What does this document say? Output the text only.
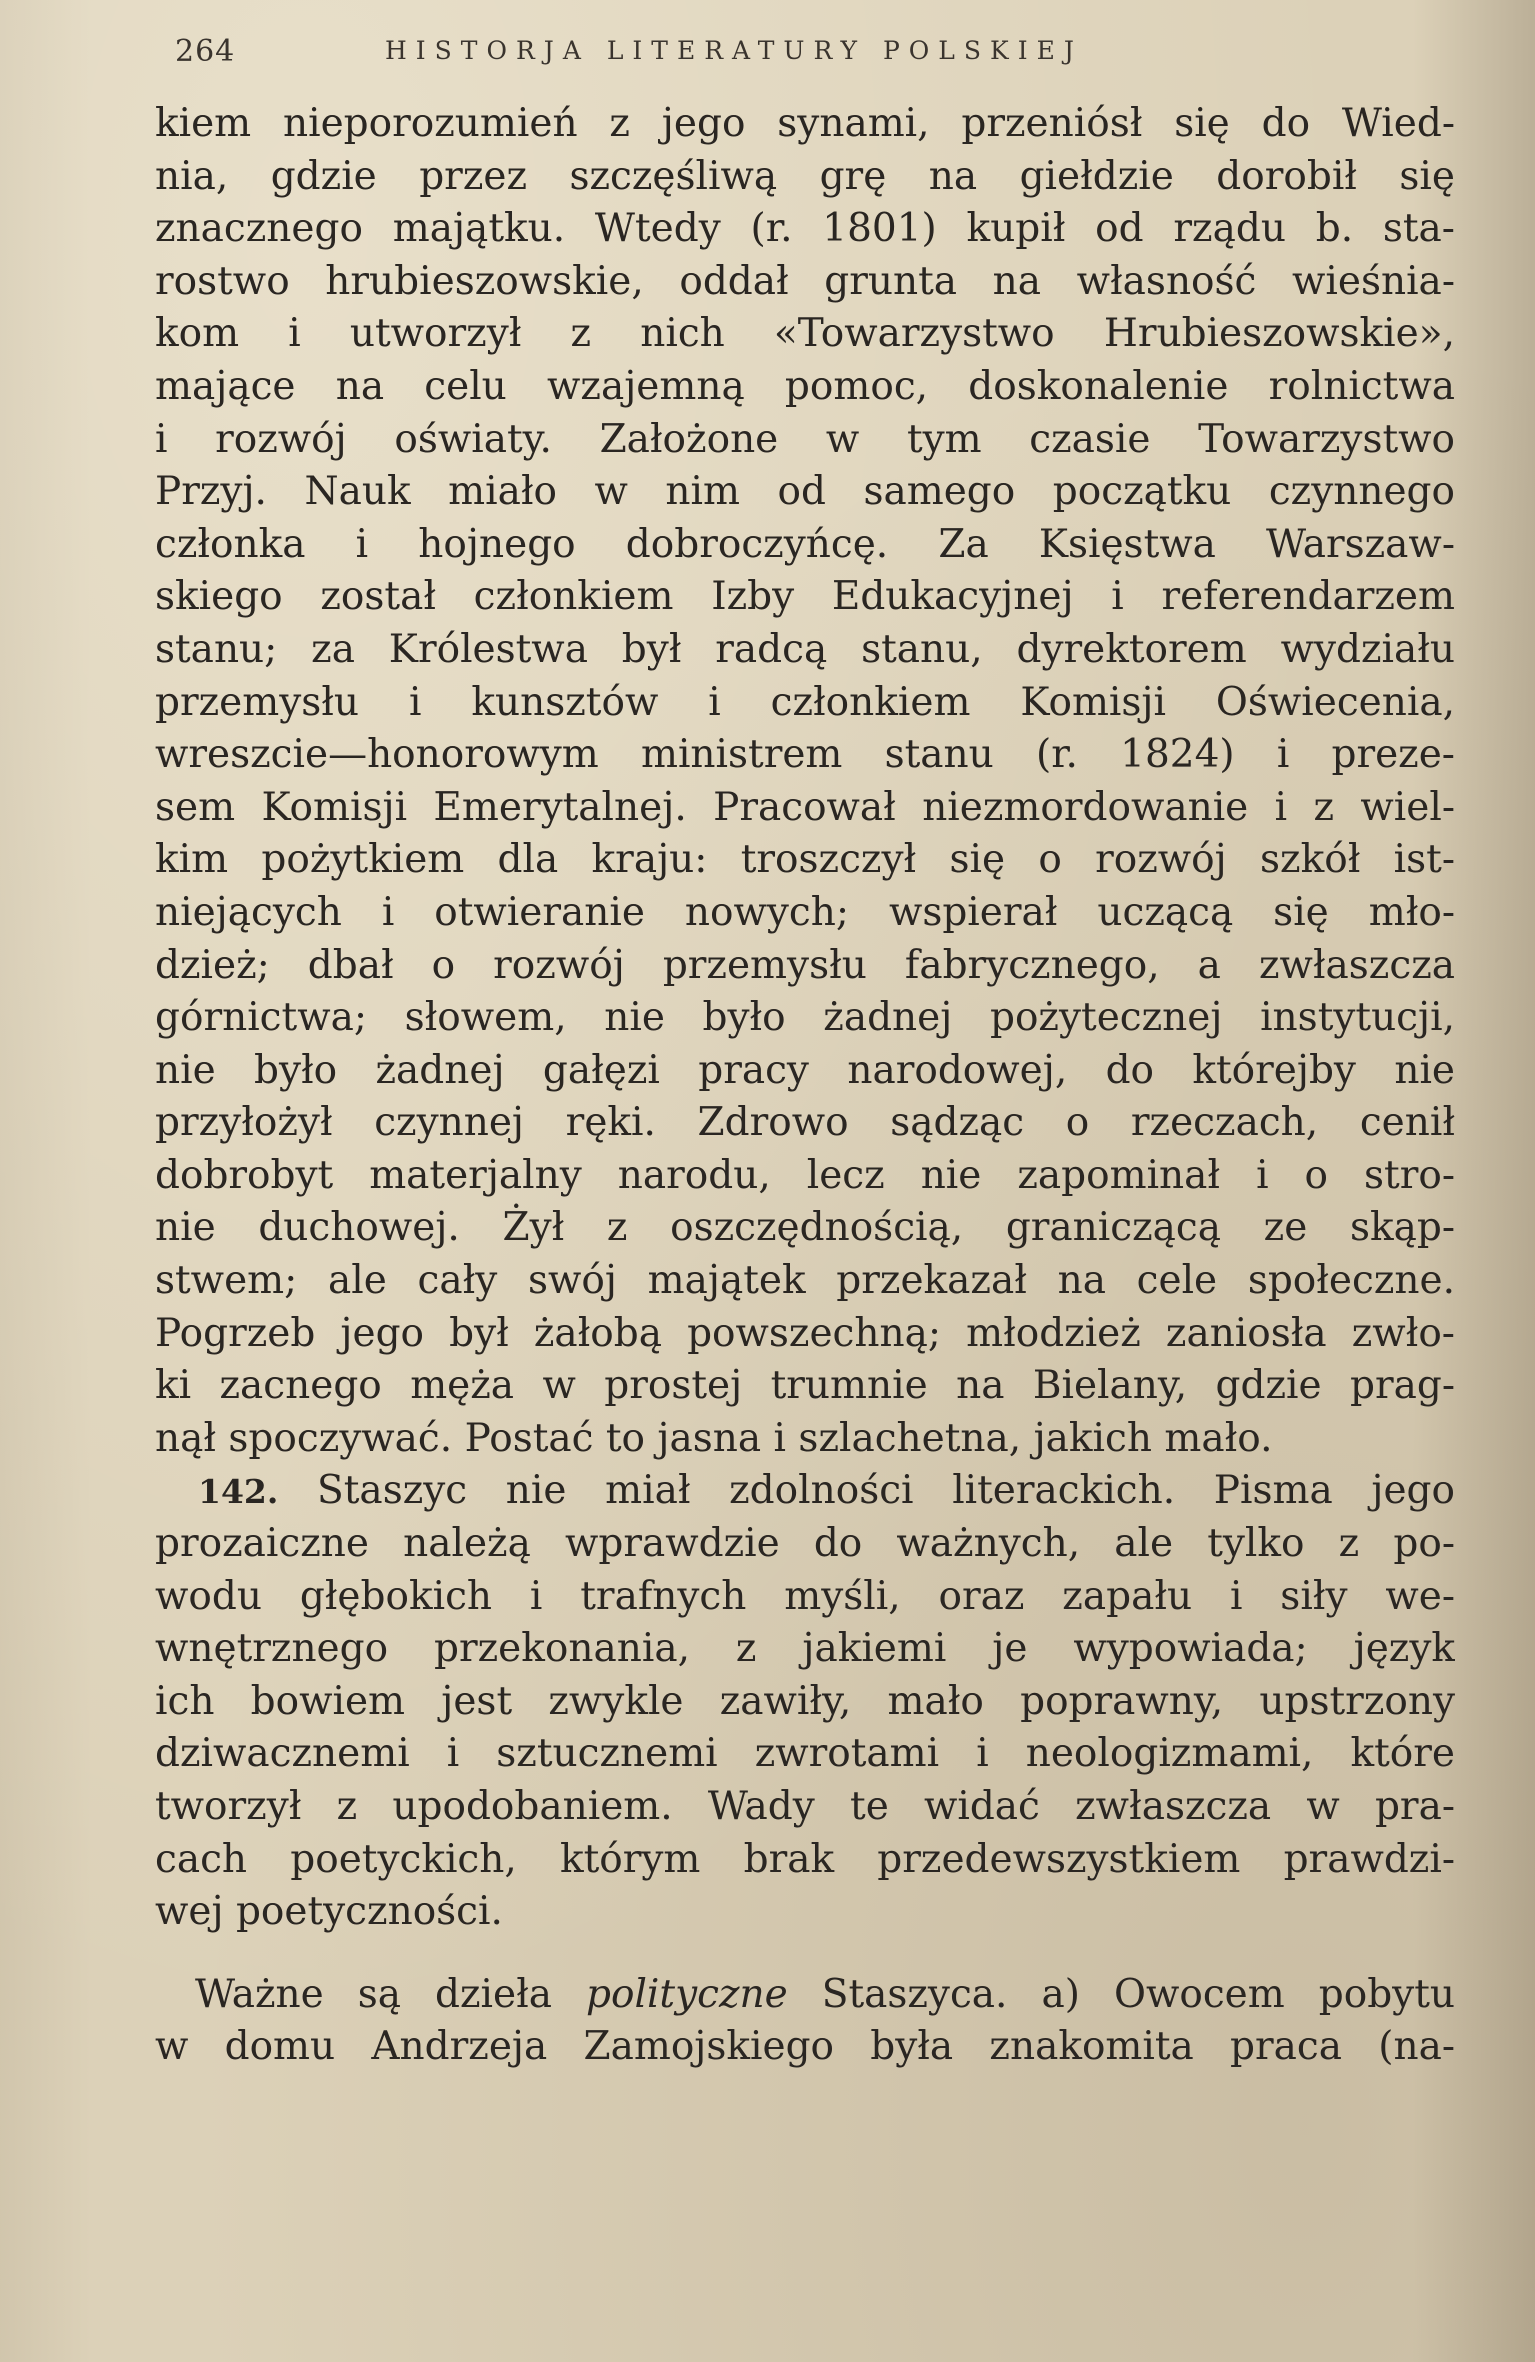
264	HISTORJA LITERATURY POLSKIEJ
kiem nieporozumień z jego synami, przeniósł się do Wied-
nia, gdzie przez szczęśliwą grę na giełdzie dorobił się
znacznego majątku. Wtedy (r. 1801) kupił od rządu b. sta-
rostwo hrubieszowskie, oddał grunta na własność wieśnia-
kom i utworzył z nich «Towarzystwo Hrubieszowskie»,
mające na celu wzajemną pomoc, doskonalenie rolnictwa
i rozwój oświaty. Założone w tym czasie Towarzystwo
Przyj. Nauk miało w nim od samego początku czynnego
członka i hojnego dobroczyńcę. Za Księstwa Warszaw-
skiego został członkiem Izby Edukacyjnej i referendarzem
stanu; za Królestwa był radcą stanu, dyrektorem wydziału
przemysłu i kunsztów i członkiem Komisji Oświecenia,
wreszcie—honorowym ministrem stanu (r. 1824) i preze-
sem Komisji Emerytalnej. Pracował niezmordowanie i z wiel-
kim pożytkiem dla kraju: troszczył się o rozwój szkół ist-
niejących i otwieranie nowych; wspierał uczącą się mło-
dzież; dbał o rozwój przemysłu fabrycznego, a zwłaszcza
górnictwa; słowem, nie było żadnej pożytecznej instytucji,
nie było żadnej gałęzi pracy narodowej, do którejby nie
przyłożył czynnej ręki. Zdrowo sądząc o rzeczach, cenił
dobrobyt materjalny narodu, lecz nie zapominał i o stro-
nie duchowej. Żył z oszczędnością, graniczącą ze skąp-
stwem; ale cały swój majątek przekazał na cele społeczne.
Pogrzeb jego był żałobą powszechną; młodzież zaniosła zwło-
ki zacnego męża w prostej trumnie na Bielany, gdzie prag-
nął spoczywać. Postać to jasna i szlachetna, jakich mało.
142. Staszyc nie miał zdolności literackich. Pisma jego
prozaiczne należą wprawdzie do ważnych, ale tylko z po-
wodu głębokich i trafnych myśli, oraz zapału i siły we-
wnętrznego przekonania, z jakiemi je wypowiada; język
ich bowiem jest zwykle zawiły, mało poprawny, upstrzony
dziwacznemi i sztucznemi zwrotami i neologizmami, które
tworzył z upodobaniem. Wady te widać zwłaszcza w pra-
cach poetyckich, którym brak przedewszystkiem prawdzi-
wej poetyczności.
Ważne są dzieła polityczne Staszyca. a) Owocem pobytu
w domu Andrzeja Zamojskiego była znakomita praca (na-
